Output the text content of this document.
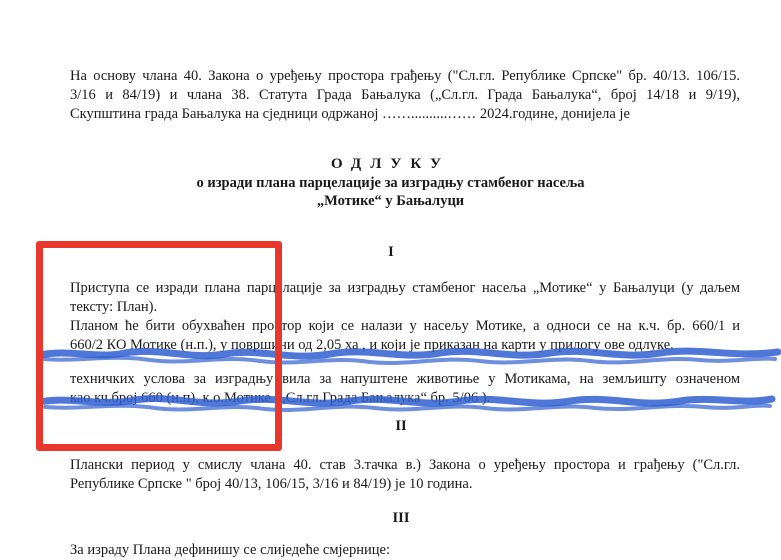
На основу члана 40. Закона о уређењу простора грађењу ("Сл.гл. Републике Српске" бр. 40/13. 106/15.
3/16 и 84/19) и члана 38. Статута Града Бањалука („Сл.гл. Града Бањалука“, број 14/18 и 9/19),
Скупштина града Бањалука на сједници одржаној ……..........…… 2024.године, донијела је
ОДЛУКУ
о изради плана парцелације за изградњу стамбеног насеља
„Мотике“ у Бањалуци
I
Приступа се изради плана парцелације за изградњу стамбеног насеља „Мотике“ у Бањалуци (у даљем
тексту: План).
Планом ће бити обухваћен простор који се налази у насељу Мотике, а односи се на к.ч. бр. 660/1 и
660/2 КО Мотике (н.п.), у површини од 2,05 ха , и који је приказан на карти у прилогу ове одлуке.
техничких услова за изградњу вила за напуштене животиње у Мотикама, на земљишту означеном
као кч.број 660 (н.п), к.о.Мотике („Сл.гл.Града Бањалука“ бр. 5/06 ).
II
Плански период у смислу члана 40. став 3.тачка в.) Закона о уређењу простора и грађењу ("Сл.гл.
Републике Српске " број 40/13, 106/15, 3/16 и 84/19) је 10 година.
III
За израду Плана дефинишу се слиједеће смјернице:
